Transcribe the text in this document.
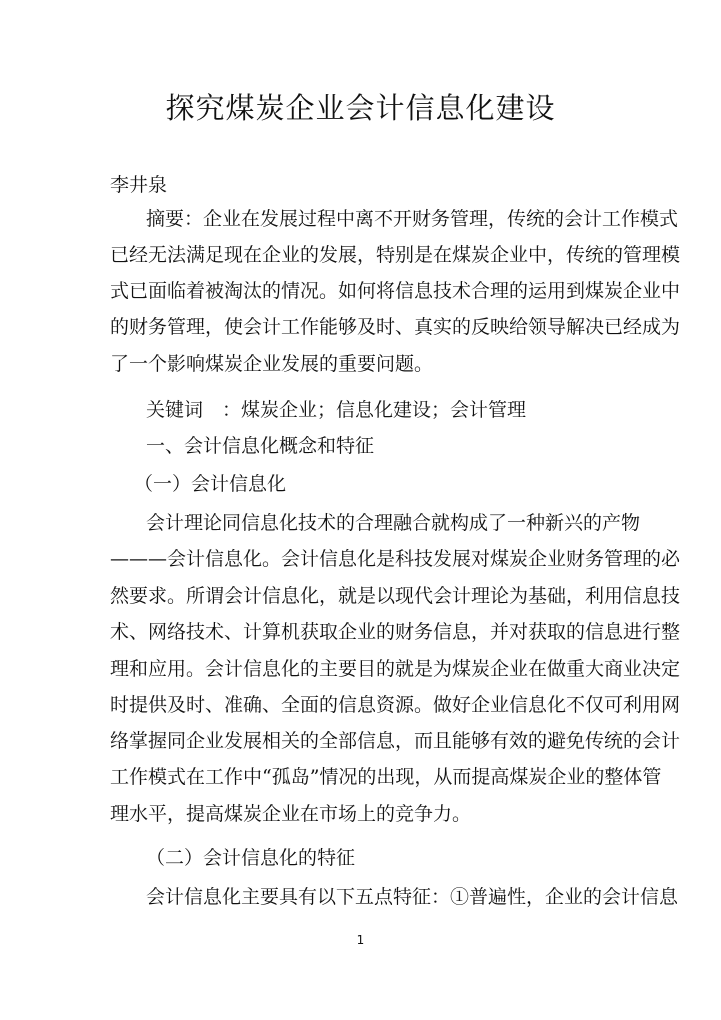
探究煤炭企业会计信息化建设
李井泉
摘要：企业在发展过程中离不开财务管理，传统的会计工作模式
已经无法满足现在企业的发展，特别是在煤炭企业中，传统的管理模
式已面临着被淘汰的情况。如何将信息技术合理的运用到煤炭企业中
的财务管理，使会计工作能够及时、真实的反映给领导解决已经成为
了一个影响煤炭企业发展的重要问题。
关键词　：煤炭企业；信息化建设；会计管理
一、会计信息化概念和特征
（一）会计信息化
会计理论同信息化技术的合理融合就构成了一种新兴的产物
———会计信息化。会计信息化是科技发展对煤炭企业财务管理的必
然要求。所谓会计信息化，就是以现代会计理论为基础，利用信息技
术、网络技术、计算机获取企业的财务信息，并对获取的信息进行整
理和应用。会计信息化的主要目的就是为煤炭企业在做重大商业决定
时提供及时、准确、全面的信息资源。做好企业信息化不仅可利用网
络掌握同企业发展相关的全部信息，而且能够有效的避免传统的会计
工作模式在工作中“孤岛”情况的出现，从而提高煤炭企业的整体管
理水平，提高煤炭企业在市场上的竞争力。
（二）会计信息化的特征
会计信息化主要具有以下五点特征：①普遍性，企业的会计信息
1
